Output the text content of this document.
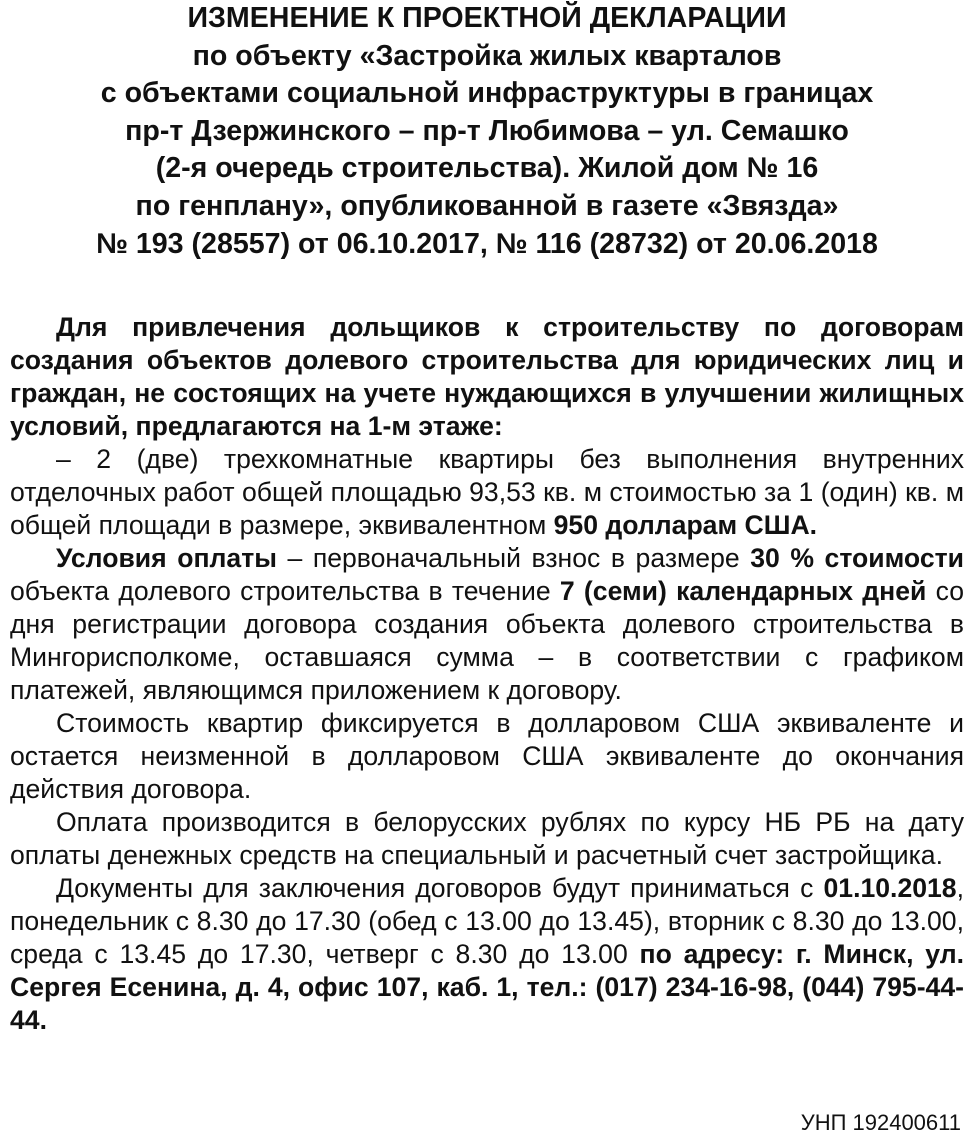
ИЗМЕНЕНИЕ К ПРОЕКТНОЙ ДЕКЛАРАЦИИ
по объекту «Застройка жилых кварталов
с объектами социальной инфраструктуры в границах
пр-т Дзержинского – пр-т Любимова – ул. Семашко
(2-я очередь строительства). Жилой дом № 16
по генплану», опубликованной в газете «Звязда»
№ 193 (28557) от 06.10.2017, № 116 (28732) от 20.06.2018

Для привлечения дольщиков к строительству по договорам создания объектов долевого строительства для юридических лиц и граждан, не состоящих на учете нуждающихся в улучшении жилищных условий, предлагаются на 1-м этаже:

– 2 (две) трехкомнатные квартиры без выполнения внутренних отделочных работ общей площадью 93,53 кв. м стоимостью за 1 (один) кв. м общей площади в размере, эквивалентном 950 долларам США.

Условия оплаты – первоначальный взнос в размере 30 % стоимости объекта долевого строительства в течение 7 (семи) календарных дней со дня регистрации договора создания объекта долевого строительства в Мингорисполкоме, оставшаяся сумма – в соответствии с графиком платежей, являющимся приложением к договору.

Стоимость квартир фиксируется в долларовом США эквиваленте и остается неизменной в долларовом США эквиваленте до окончания действия договора.

Оплата производится в белорусских рублях по курсу НБ РБ на дату оплаты денежных средств на специальный и расчетный счет застройщика.

Документы для заключения договоров будут приниматься с 01.10.2018, понедельник с 8.30 до 17.30 (обед с 13.00 до 13.45), вторник с 8.30 до 13.00, среда с 13.45 до 17.30, четверг с 8.30 до 13.00 по адресу: г. Минск, ул. Сергея Есенина, д. 4, офис 107, каб. 1, тел.: (017) 234-16-98, (044) 795-44-44.

УНП 192400611
